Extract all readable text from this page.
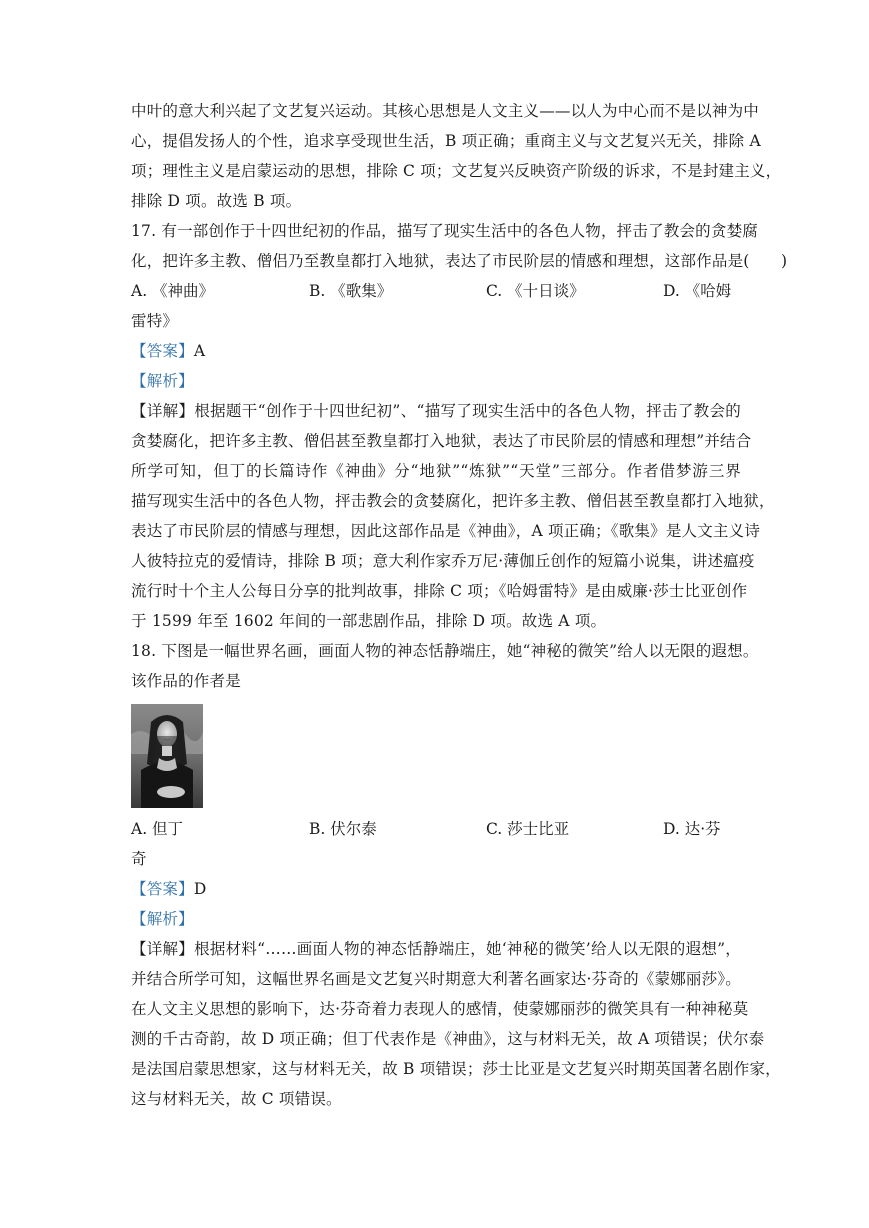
中叶的意大利兴起了文艺复兴运动。其核心思想是人文主义——以人为中心而不是以神为中
心，提倡发扬人的个性，追求享受现世生活，B 项正确；重商主义与文艺复兴无关，排除 A
项；理性主义是启蒙运动的思想，排除 C 项；文艺复兴反映资产阶级的诉求，不是封建主义，
排除 D 项。故选 B 项。
17. 有一部创作于十四世纪初的作品，描写了现实生活中的各色人物，抨击了教会的贪婪腐
化，把许多主教、僧侣乃至教皇都打入地狱，表达了市民阶层的情感和理想，这部作品是(　　)
A. 《神曲》	B. 《歌集》	C. 《十日谈》	D. 《哈姆
雷特》
【答案】A
【解析】
【详解】根据题干“创作于十四世纪初”、“描写了现实生活中的各色人物，抨击了教会的
贪婪腐化，把许多主教、僧侣甚至教皇都打入地狱，表达了市民阶层的情感和理想”并结合
所学可知，但丁的长篇诗作《神曲》分“地狱”“炼狱”“天堂”三部分。作者借梦游三界
描写现实生活中的各色人物，抨击教会的贪婪腐化，把许多主教、僧侣甚至教皇都打入地狱，
表达了市民阶层的情感与理想，因此这部作品是《神曲》，A 项正确；《歌集》是人文主义诗
人彼特拉克的爱情诗，排除 B 项；意大利作家乔万尼·薄伽丘创作的短篇小说集，讲述瘟疫
流行时十个主人公每日分享的批判故事，排除 C 项；《哈姆雷特》是由威廉·莎士比亚创作
于 1599 年至 1602 年间的一部悲剧作品，排除 D 项。故选 A 项。
18. 下图是一幅世界名画，画面人物的神态恬静端庄，她“神秘的微笑”给人以无限的遐想。
该作品的作者是
A. 但丁	B. 伏尔泰	C. 莎士比亚	D. 达·芬
奇
【答案】D
【解析】
【详解】根据材料“……画面人物的神态恬静端庄，她‘神秘的微笑’给人以无限的遐想”，
并结合所学可知，这幅世界名画是文艺复兴时期意大利著名画家达·芬奇的《蒙娜丽莎》。
在人文主义思想的影响下，达·芬奇着力表现人的感情，使蒙娜丽莎的微笑具有一种神秘莫
测的千古奇韵，故 D 项正确；但丁代表作是《神曲》，这与材料无关，故 A 项错误；伏尔泰
是法国启蒙思想家，这与材料无关，故 B 项错误；莎士比亚是文艺复兴时期英国著名剧作家，
这与材料无关，故 C 项错误。
